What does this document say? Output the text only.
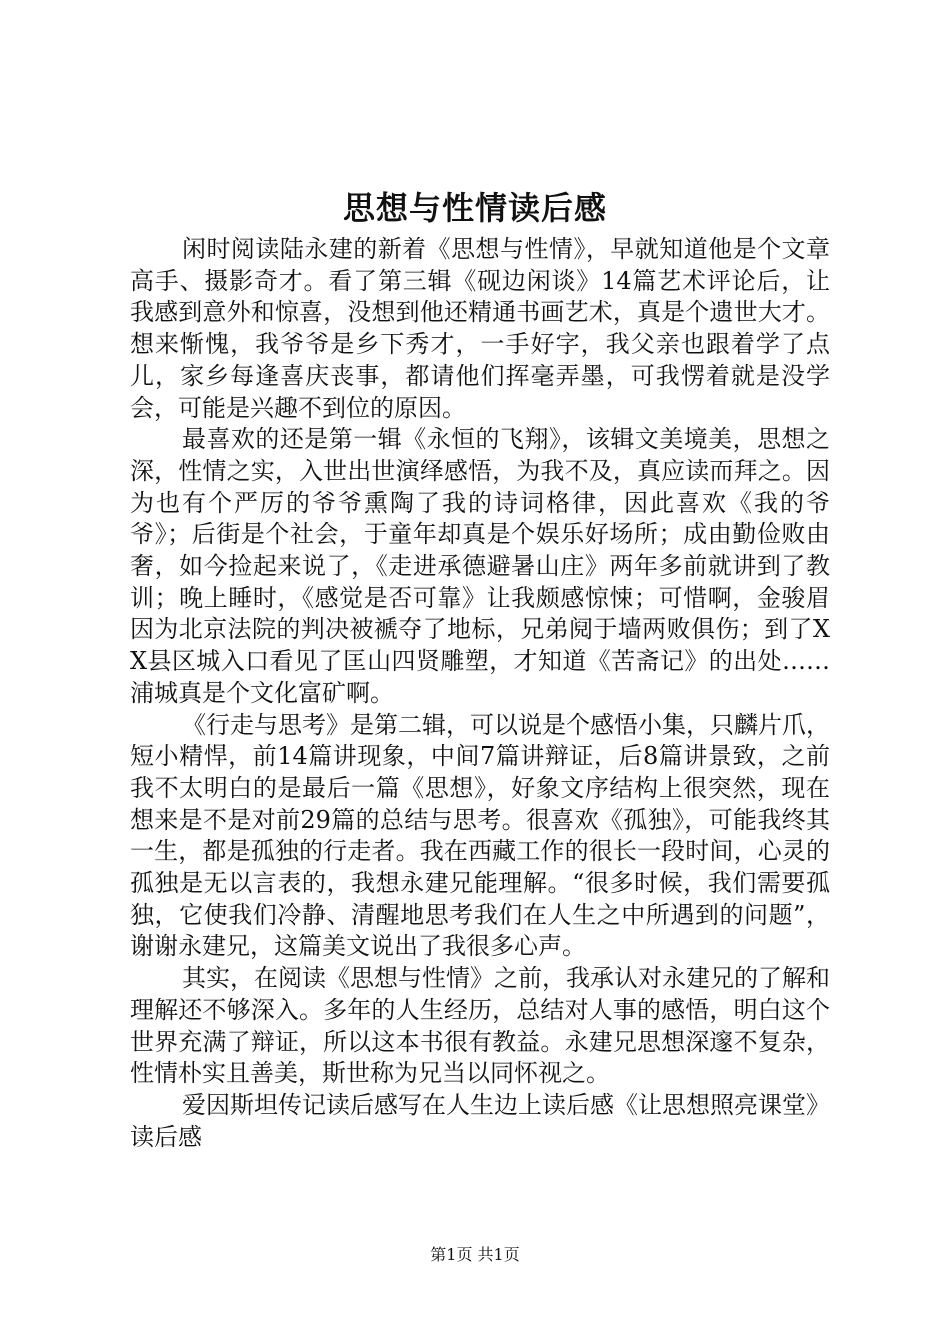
思想与性情读后感

闲时阅读陆永建的新着《思想与性情》，早就知道他是个文章高手、摄影奇才。看了第三辑《砚边闲谈》14篇艺术评论后，让我感到意外和惊喜，没想到他还精通书画艺术，真是个遗世大才。想来惭愧，我爷爷是乡下秀才，一手好字，我父亲也跟着学了点儿，家乡每逢喜庆丧事，都请他们挥毫弄墨，可我愣着就是没学会，可能是兴趣不到位的原因。

最喜欢的还是第一辑《永恒的飞翔》，该辑文美境美，思想之深，性情之实，入世出世演绎感悟，为我不及，真应读而拜之。因为也有个严厉的爷爷熏陶了我的诗词格律，因此喜欢《我的爷爷》；后街是个社会，于童年却真是个娱乐好场所；成由勤俭败由奢，如今捡起来说了，《走进承德避暑山庄》两年多前就讲到了教训；晚上睡时，《感觉是否可靠》让我颇感惊悚；可惜啊，金骏眉因为北京法院的判决被褫夺了地标，兄弟阋于墙两败俱伤；到了XX县区城入口看见了匡山四贤雕塑，才知道《苦斋记》的出处……浦城真是个文化富矿啊。

《行走与思考》是第二辑，可以说是个感悟小集，只麟片爪，短小精悍，前14篇讲现象，中间7篇讲辩证，后8篇讲景致，之前我不太明白的是最后一篇《思想》，好象文序结构上很突然，现在想来是不是对前29篇的总结与思考。很喜欢《孤独》，可能我终其一生，都是孤独的行走者。我在西藏工作的很长一段时间，心灵的孤独是无以言表的，我想永建兄能理解。“很多时候，我们需要孤独，它使我们冷静、清醒地思考我们在人生之中所遇到的问题”，谢谢永建兄，这篇美文说出了我很多心声。

其实，在阅读《思想与性情》之前，我承认对永建兄的了解和理解还不够深入。多年的人生经历，总结对人事的感悟，明白这个世界充满了辩证，所以这本书很有教益。永建兄思想深邃不复杂，性情朴实且善美，斯世称为兄当以同怀视之。

爱因斯坦传记读后感写在人生边上读后感《让思想照亮课堂》读后感

第1页 共1页
